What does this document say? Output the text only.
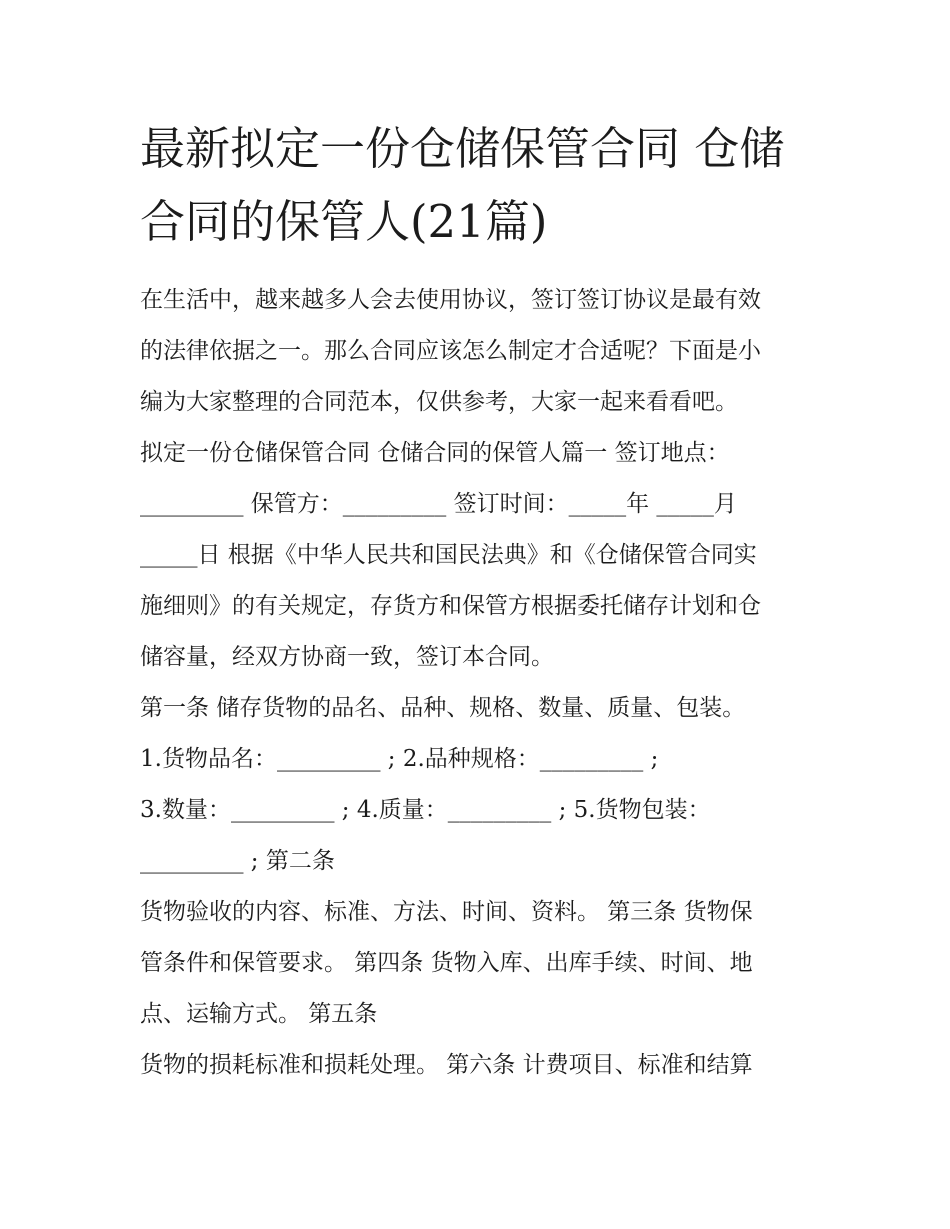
最新拟定一份仓储保管合同 仓储合同的保管人(21篇)
在生活中，越来越多人会去使用协议，签订签订协议是最有效
的法律依据之一。那么合同应该怎么制定才合适呢？下面是小
编为大家整理的合同范本，仅供参考，大家一起来看看吧。
拟定一份仓储保管合同 仓储合同的保管人篇一 签订地点：
_________ 保管方：_________ 签订时间：_____年 _____月
_____日 根据《中华人民共和国民法典》和《仓储保管合同实
施细则》的有关规定，存货方和保管方根据委托储存计划和仓
储容量，经双方协商一致，签订本合同。
第一条 储存货物的品名、品种、规格、数量、质量、包装。
1.货物品名：_________ ; 2.品种规格：_________ ;
3.数量：_________ ; 4.质量：_________ ; 5.货物包装：
_________ ; 第二条
货物验收的内容、标准、方法、时间、资料。 第三条 货物保
管条件和保管要求。 第四条 货物入库、出库手续、时间、地
点、运输方式。 第五条
货物的损耗标准和损耗处理。 第六条 计费项目、标准和结算
